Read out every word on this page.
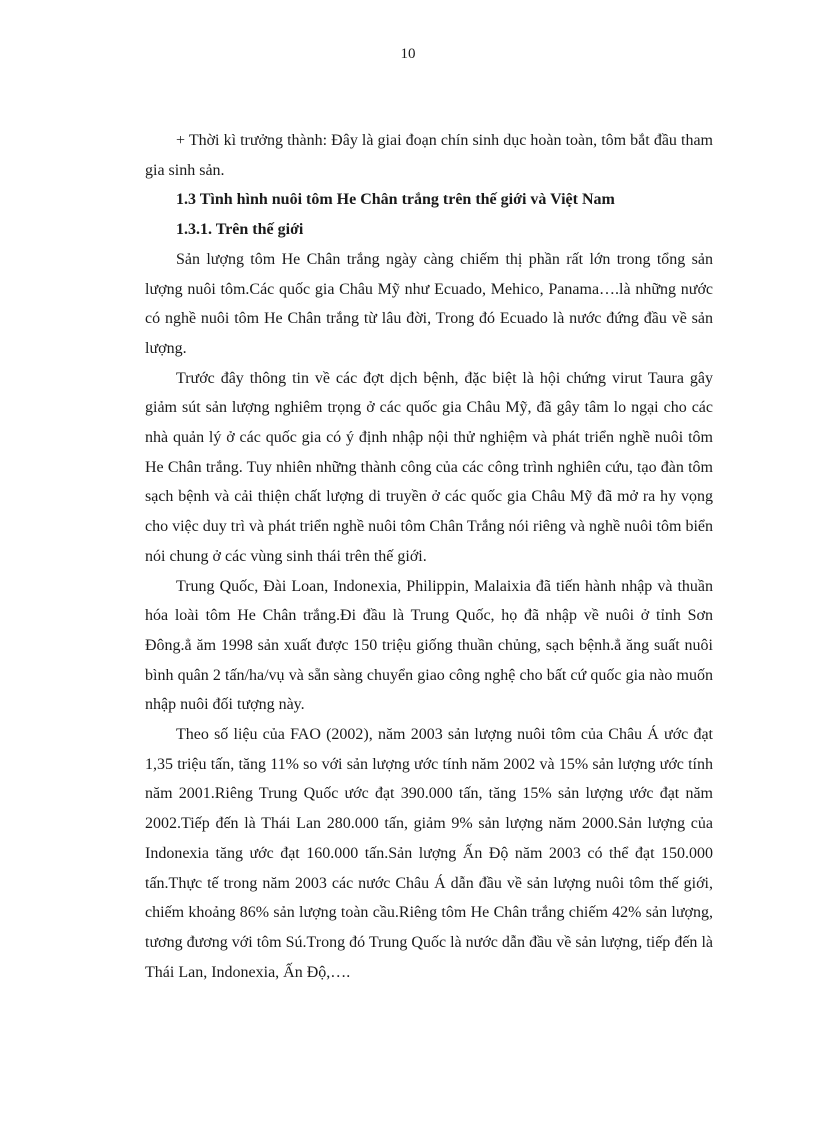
10

+ Thời kì trưởng thành: Đây là giai đoạn chín sinh dục hoàn toàn, tôm bắt đầu tham gia sinh sản.

1.3 Tình hình nuôi tôm He Chân trắng trên thế giới và Việt Nam

1.3.1. Trên thế giới

Sản lượng tôm He Chân trắng ngày càng chiếm thị phần rất lớn trong tổng sản lượng nuôi tôm.Các quốc gia Châu Mỹ như Ecuado, Mehico, Panama….là những nước có nghề nuôi tôm He Chân trắng từ lâu đời, Trong đó Ecuado là nước đứng đầu về sản lượng.

Trước đây thông tin về các đợt dịch bệnh, đặc biệt là hội chứng virut Taura gây giảm sút sản lượng nghiêm trọng ở các quốc gia Châu Mỹ, đã gây tâm lo ngại cho các nhà quản lý ở các quốc gia có ý định nhập nội thử nghiệm và phát triển nghề nuôi tôm He Chân trắng. Tuy nhiên những thành công của các công trình nghiên cứu, tạo đàn tôm sạch bệnh và cải thiện chất lượng di truyền ở các quốc gia Châu Mỹ đã mở ra hy vọng cho việc duy trì và phát triển nghề nuôi tôm Chân Trắng nói riêng và nghề nuôi tôm biển nói chung ở các vùng sinh thái trên thế giới.

Trung Quốc, Đài Loan, Indonexia, Philippin, Malaixia đã tiến hành nhập và thuần hóa loài tôm He Chân trắng.Đi đầu là Trung Quốc, họ đã nhập về nuôi ở tỉnh Sơn Đông.ẳ ăm 1998 sản xuất được 150 triệu giống thuần chủng, sạch bệnh.ẳ ăng suất nuôi bình quân 2 tấn/ha/vụ và sẵn sàng chuyển giao công nghệ cho bất cứ quốc gia nào muốn nhập nuôi đối tượng này.

Theo số liệu của FAO (2002), năm 2003 sản lượng nuôi tôm của Châu Á ước đạt 1,35 triệu tấn, tăng 11% so với sản lượng ước tính năm 2002 và 15% sản lượng ước tính năm 2001.Riêng Trung Quốc ước đạt 390.000 tấn, tăng 15% sản lượng ước đạt năm 2002.Tiếp đến là Thái Lan 280.000 tấn, giảm 9% sản lượng năm 2000.Sản lượng của Indonexia tăng ước đạt 160.000 tấn.Sản lượng Ấn Độ năm 2003 có thể đạt 150.000 tấn.Thực tế trong năm 2003 các nước Châu Á dẫn đầu về sản lượng nuôi tôm thế giới, chiếm khoảng 86% sản lượng toàn cầu.Riêng tôm He Chân trắng chiếm 42% sản lượng, tương đương với tôm Sú.Trong đó Trung Quốc là nước dẫn đầu về sản lượng, tiếp đến là Thái Lan, Indonexia, Ấn Độ,….
